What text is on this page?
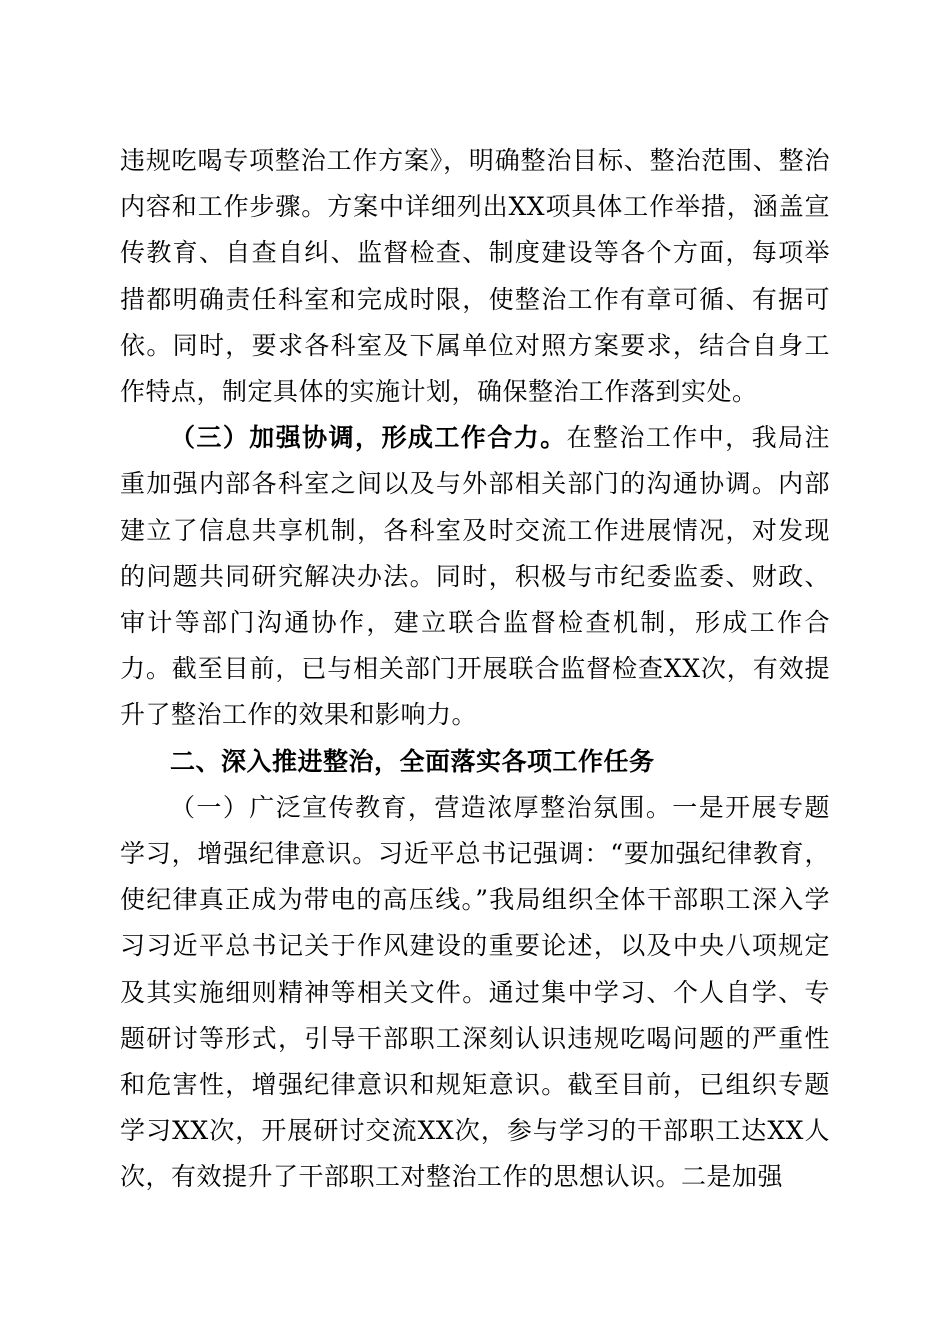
违规吃喝专项整治工作方案》，明确整治目标、整治范围、整治内容和工作步骤。方案中详细列出XX项具体工作举措，涵盖宣传教育、自查自纠、监督检查、制度建设等各个方面，每项举措都明确责任科室和完成时限，使整治工作有章可循、有据可依。同时，要求各科室及下属单位对照方案要求，结合自身工作特点，制定具体的实施计划，确保整治工作落到实处。

（三）加强协调，形成工作合力。在整治工作中，我局注重加强内部各科室之间以及与外部相关部门的沟通协调。内部建立了信息共享机制，各科室及时交流工作进展情况，对发现的问题共同研究解决办法。同时，积极与市纪委监委、财政、审计等部门沟通协作，建立联合监督检查机制，形成工作合力。截至目前，已与相关部门开展联合监督检查XX次，有效提升了整治工作的效果和影响力。

二、深入推进整治，全面落实各项工作任务

（一）广泛宣传教育，营造浓厚整治氛围。一是开展专题学习，增强纪律意识。习近平总书记强调：“要加强纪律教育，使纪律真正成为带电的高压线。”我局组织全体干部职工深入学习习近平总书记关于作风建设的重要论述，以及中央八项规定及其实施细则精神等相关文件。通过集中学习、个人自学、专题研讨等形式，引导干部职工深刻认识违规吃喝问题的严重性和危害性，增强纪律意识和规矩意识。截至目前，已组织专题学习XX次，开展研讨交流XX次，参与学习的干部职工达XX人次，有效提升了干部职工对整治工作的思想认识。二是加强
